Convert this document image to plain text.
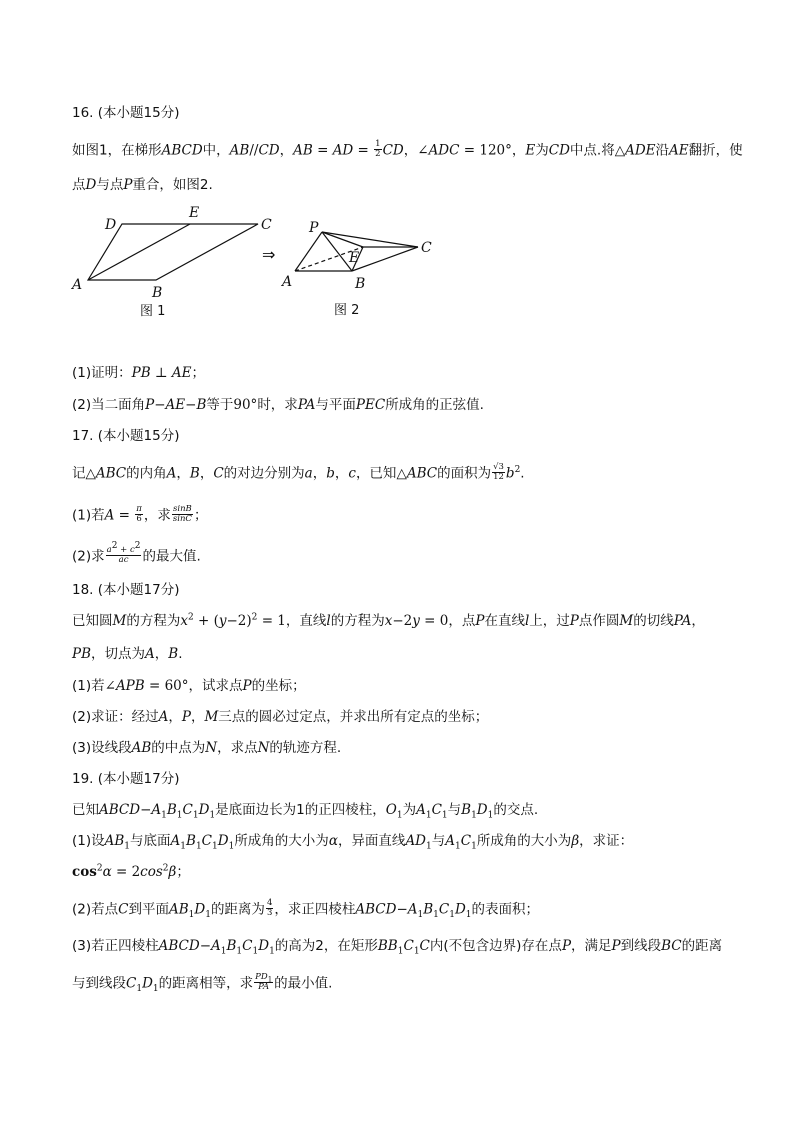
16. (本小题15分)
如图1，在梯形ABCD中，AB//CD，AB = AD = $\frac{1}{2}$ CD，∠ADC = 120°，E为CD中点.将△ADE沿AE翻折，使
点D与点P重合，如图2.
D
E
C
A	B
图 1
⇒
P
C
E
A	B
图 2
(1)证明：PB ⊥ AE；
(2)当二面角P−AE−B等于90°时，求PA与平面PEC所成角的正弦值.
17. (本小题15分)
记△ABC的内角A，B，C的对边分别为a，b，c，已知△ABC的面积为 $\frac{√3}{12} b^2$.
(1)若$A = \frac{\pi}{6}$ ，求 $\frac{\sin B}{\sin C}$ ；
(2)求 $\frac{a^2 + c^2}{ac}$ 的最大值.
18. (本小题17分)
已知圆M的方程为$x^2 + (y-2)^2 = 1$，直线l的方程为x−2y = 0，点P在直线l上，过P点作圆M的切线PA，
PB，切点为A，B.
(1)若∠APB = 60°，试求点P的坐标；
(2)求证：经过A，P，M三点的圆必过定点，并求出所有定点的坐标；
(3)设线段AB的中点为N，求点N的轨迹方程.
19. (本小题17分)
已知$ABCD-A_1B_1C_1D_1$是底面边长为1的正四棱柱，$O_1$为$A_1C_1$与$B_1D_1$的交点.
(1)设$AB_1$与底面$A_1B_1C_1D_1$所成角的大小为α，异面直线$AD_1$与$A_1C_1$所成角的大小为β，求证：
$\cos^2\alpha = 2\cos^2\beta$；
(2)若点C到平面$AB_1D_1$的距离为 $\frac{4}{3}$ ，求正四棱柱$ABCD-A_1B_1C_1D_1$的表面积；
(3)若正四棱柱$ABCD-A_1B_1C_1D_1$的高为2，在矩形$BB_1C_1C$内(不包含边界)存在点P，满足P到线段BC的距离
与到线段$C_1D_1$的距离相等，求 $\frac{PD_1}{PA}$ 的最小值.
